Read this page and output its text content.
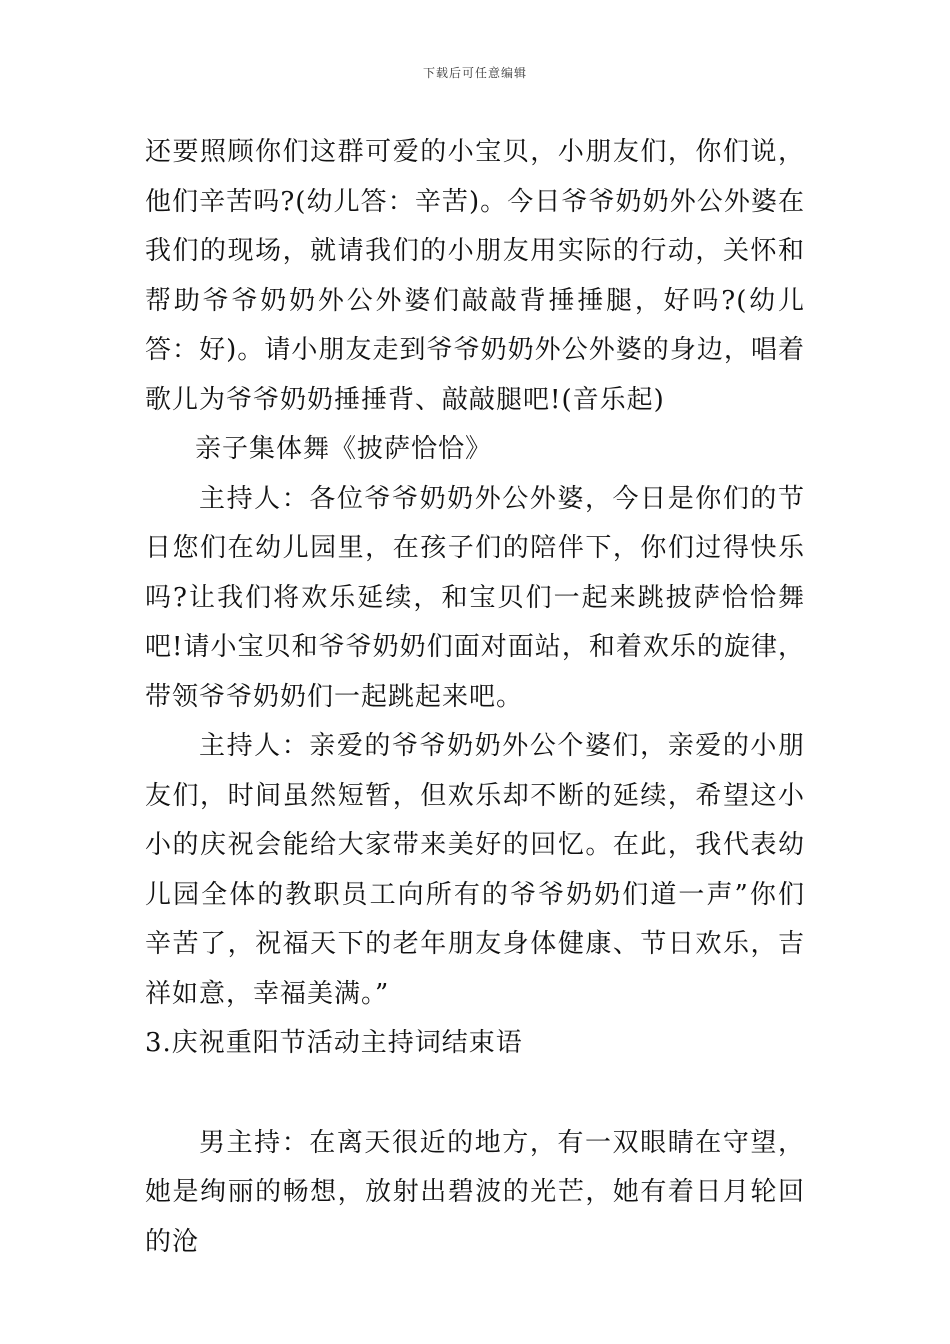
下载后可任意编辑

还要照顾你们这群可爱的小宝贝，小朋友们，你们说，他们辛苦吗?(幼儿答：辛苦)。今日爷爷奶奶外公外婆在我们的现场，就请我们的小朋友用实际的行动，关怀和帮助爷爷奶奶外公外婆们敲敲背捶捶腿，好吗?(幼儿答：好)。请小朋友走到爷爷奶奶外公外婆的身边，唱着歌儿为爷爷奶奶捶捶背、敲敲腿吧!(音乐起)

亲子集体舞《披萨恰恰》

主持人：各位爷爷奶奶外公外婆，今日是你们的节日您们在幼儿园里，在孩子们的陪伴下，你们过得快乐吗?让我们将欢乐延续，和宝贝们一起来跳披萨恰恰舞吧!请小宝贝和爷爷奶奶们面对面站，和着欢乐的旋律，带领爷爷奶奶们一起跳起来吧。

主持人：亲爱的爷爷奶奶外公个婆们，亲爱的小朋友们，时间虽然短暂，但欢乐却不断的延续，希望这小小的庆祝会能给大家带来美好的回忆。在此，我代表幼儿园全体的教职员工向所有的爷爷奶奶们道一声”你们辛苦了，祝福天下的老年朋友身体健康、节日欢乐，吉祥如意，幸福美满。”

3.庆祝重阳节活动主持词结束语

男主持：在离天很近的地方，有一双眼睛在守望，她是绚丽的畅想，放射出碧波的光芒，她有着日月轮回的沧
